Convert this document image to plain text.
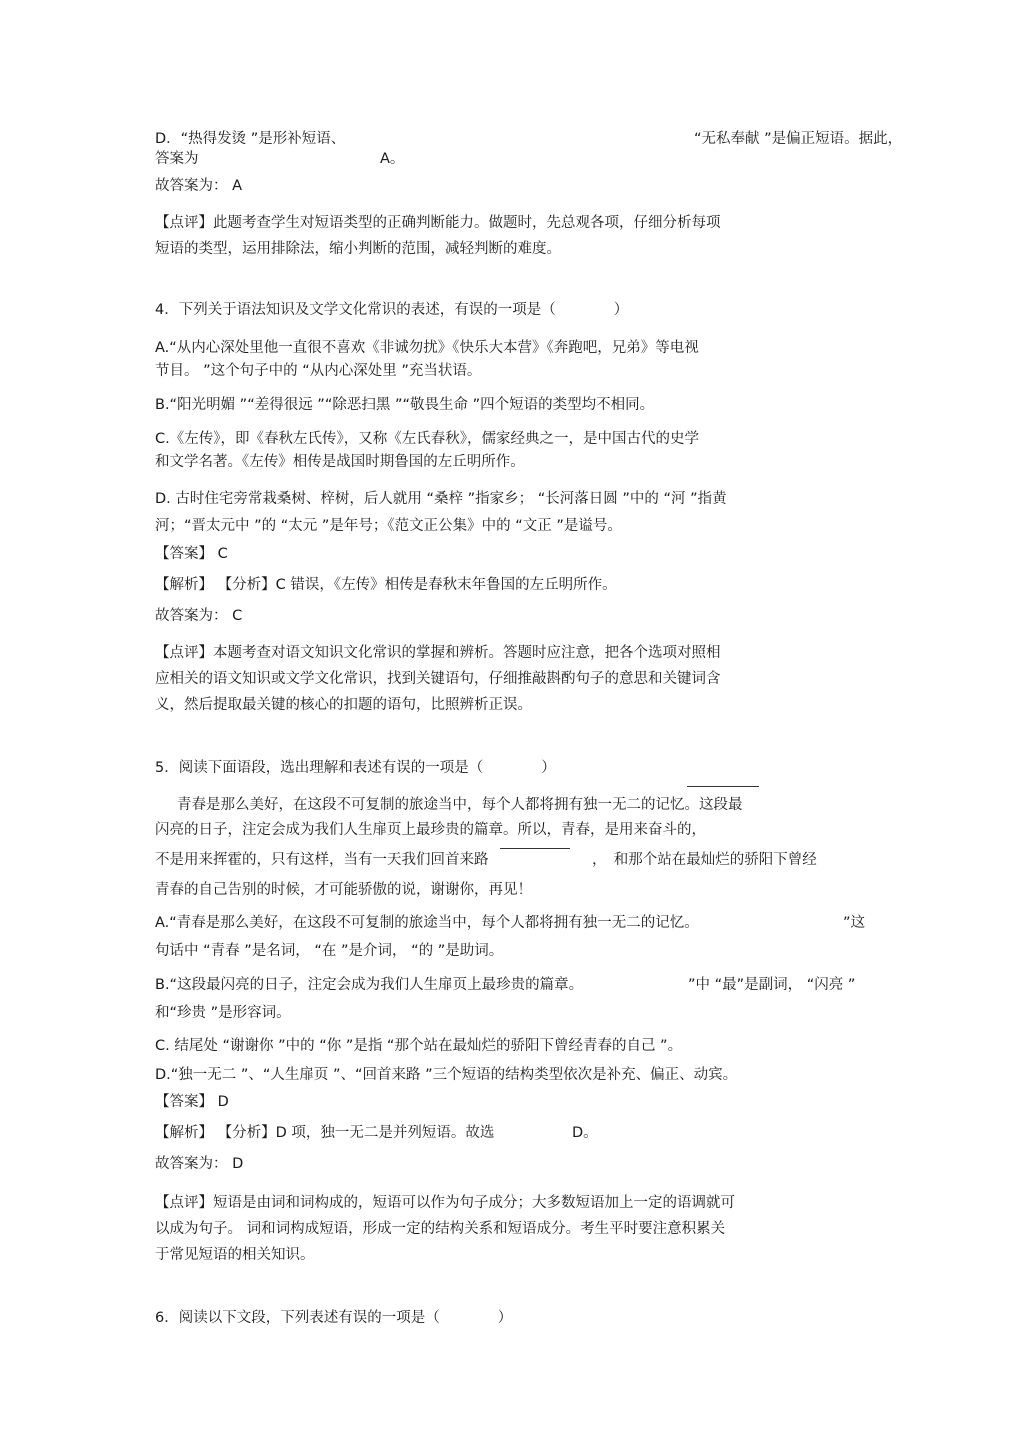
D．“热得发烫 ”是形补短语、	“无私奉献 ”是偏正短语。据此，
答案为	A。

故答案为： A

【点评】此题考查学生对短语类型的正确判断能力。做题时，先总观各项，仔细分析每项

短语的类型，运用排除法，缩小判断的范围，减轻判断的难度。

4．下列关于语法知识及文学文化常识的表述，有误的一项是（　　　　）

A.“从内心深处里他一直很不喜欢《非诚勿扰》《快乐大本营》《奔跑吧，兄弟》等电视

节目。 ”这个句子中的 “从内心深处里 ”充当状语。

B.“阳光明媚 ”“差得很远 ”“除恶扫黑 ”“敬畏生命 ”四个短语的类型均不相同。

C.《左传》，即《春秋左氏传》，又称《左氏春秋》，儒家经典之一，是中国古代的史学

和文学名著。《左传》相传是战国时期鲁国的左丘明所作。

D. 古时住宅旁常栽桑树、梓树，后人就用 “桑梓 ”指家乡； “长河落日圆 ”中的 “河 ”指黄

河；“晋太元中 ”的 “太元 ”是年号；《范文正公集》中的 “文正 ”是谥号。

【答案】 C

【解析】 【分析】C 错误，《左传》相传是春秋末年鲁国的左丘明所作。

故答案为： C

【点评】本题考查对语文知识文化常识的掌握和辨析。答题时应注意，把各个选项对照相

应相关的语文知识或文学文化常识，找到关键语句，仔细推敲斟酌句子的意思和关键词含

义，然后提取最关键的核心的扣题的语句，比照辨析正误。

5．阅读下面语段，选出理解和表述有误的一项是（　　　　）

青春是那么美好，在这段不可复制的旅途当中，每个人都将拥有独一无二的记忆。这段最

闪亮的日子，注定会成为我们人生扉页上最珍贵的篇章。所以，青春，是用来奋斗的，

不是用来挥霍的，只有这样，当有一天我们回首来路	，　和那个站在最灿烂的骄阳下曾经

青春的自己告别的时候，才可能骄傲的说，谢谢你，再见！

A.“青春是那么美好，在这段不可复制的旅途当中，每个人都将拥有独一无二的记忆。	”这

句话中 “青春 ”是名词， “在 ”是介词， “的 ”是助词。

B.“这段最闪亮的日子，注定会成为我们人生扉页上最珍贵的篇章。	”中 “最”是副词， “闪亮 ”

和“珍贵 ”是形容词。

C. 结尾处 “谢谢你 ”中的 “你 ”是指 “那个站在最灿烂的骄阳下曾经青春的自己 ”。

D.“独一无二 ”、“人生扉页 ”、“回首来路 ”三个短语的结构类型依次是补充、偏正、动宾。

【答案】 D

【解析】 【分析】D 项，独一无二是并列短语。故选	D。

故答案为： D

【点评】短语是由词和词构成的，短语可以作为句子成分；大多数短语加上一定的语调就可

以成为句子。 词和词构成短语，形成一定的结构关系和短语成分。考生平时要注意积累关

于常见短语的相关知识。

6．阅读以下文段，下列表述有误的一项是（　　　　）
